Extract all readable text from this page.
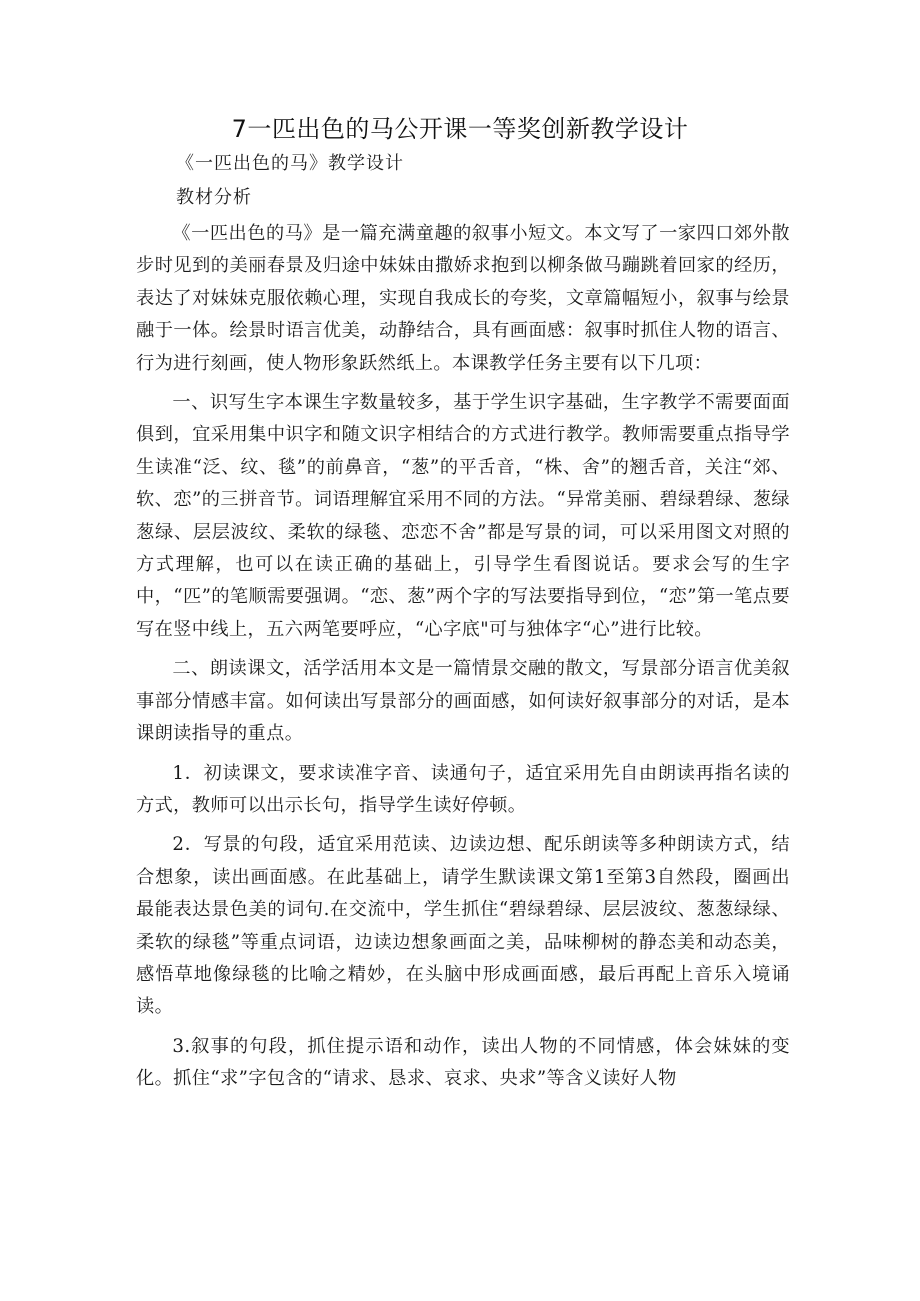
7一匹出色的马公开课一等奖创新教学设计

《一匹出色的马》教学设计

教材分析

《一匹出色的马》是一篇充满童趣的叙事小短文。本文写了一家四口郊外散步时见到的美丽春景及归途中妹妹由撒娇求抱到以柳条做马蹦跳着回家的经历，表达了对妹妹克服依赖心理，实现自我成长的夸奖，文章篇幅短小，叙事与绘景融于一体。绘景时语言优美，动静结合，具有画面感：叙事时抓住人物的语言、行为进行刻画，使人物形象跃然纸上。本课教学任务主要有以下几项：

一、识写生字本课生字数量较多，基于学生识字基础，生字教学不需要面面俱到，宜采用集中识字和随文识字相结合的方式进行教学。教师需要重点指导学生读准“泛、纹、毯”的前鼻音，“葱”的平舌音，“株、舍”的翘舌音，关注“郊、软、恋”的三拼音节。词语理解宜采用不同的方法。“异常美丽、碧绿碧绿、葱绿葱绿、层层波纹、柔软的绿毯、恋恋不舍”都是写景的词，可以采用图文对照的方式理解，也可以在读正确的基础上，引导学生看图说话。要求会写的生字中，“匹”的笔顺需要强调。“恋、葱”两个字的写法要指导到位，“恋”第一笔点要写在竖中线上，五六两笔要呼应，“心字底"可与独体字“心”进行比较。

二、朗读课文，活学活用本文是一篇情景交融的散文，写景部分语言优美叙事部分情感丰富。如何读出写景部分的画面感，如何读好叙事部分的对话，是本课朗读指导的重点。

1．初读课文，要求读准字音、读通句子，适宜采用先自由朗读再指名读的方式，教师可以出示长句，指导学生读好停顿。

2．写景的句段，适宜采用范读、边读边想、配乐朗读等多种朗读方式，结合想象，读出画面感。在此基础上，请学生默读课文第1至第3自然段，圈画出最能表达景色美的词句.在交流中，学生抓住“碧绿碧绿、层层波纹、葱葱绿绿、柔软的绿毯”等重点词语，边读边想象画面之美，品味柳树的静态美和动态美，感悟草地像绿毯的比喻之精妙，在头脑中形成画面感，最后再配上音乐入境诵读。

3.叙事的句段，抓住提示语和动作，读出人物的不同情感，体会妹妹的变化。抓住“求”字包含的“请求、恳求、哀求、央求”等含义读好人物
